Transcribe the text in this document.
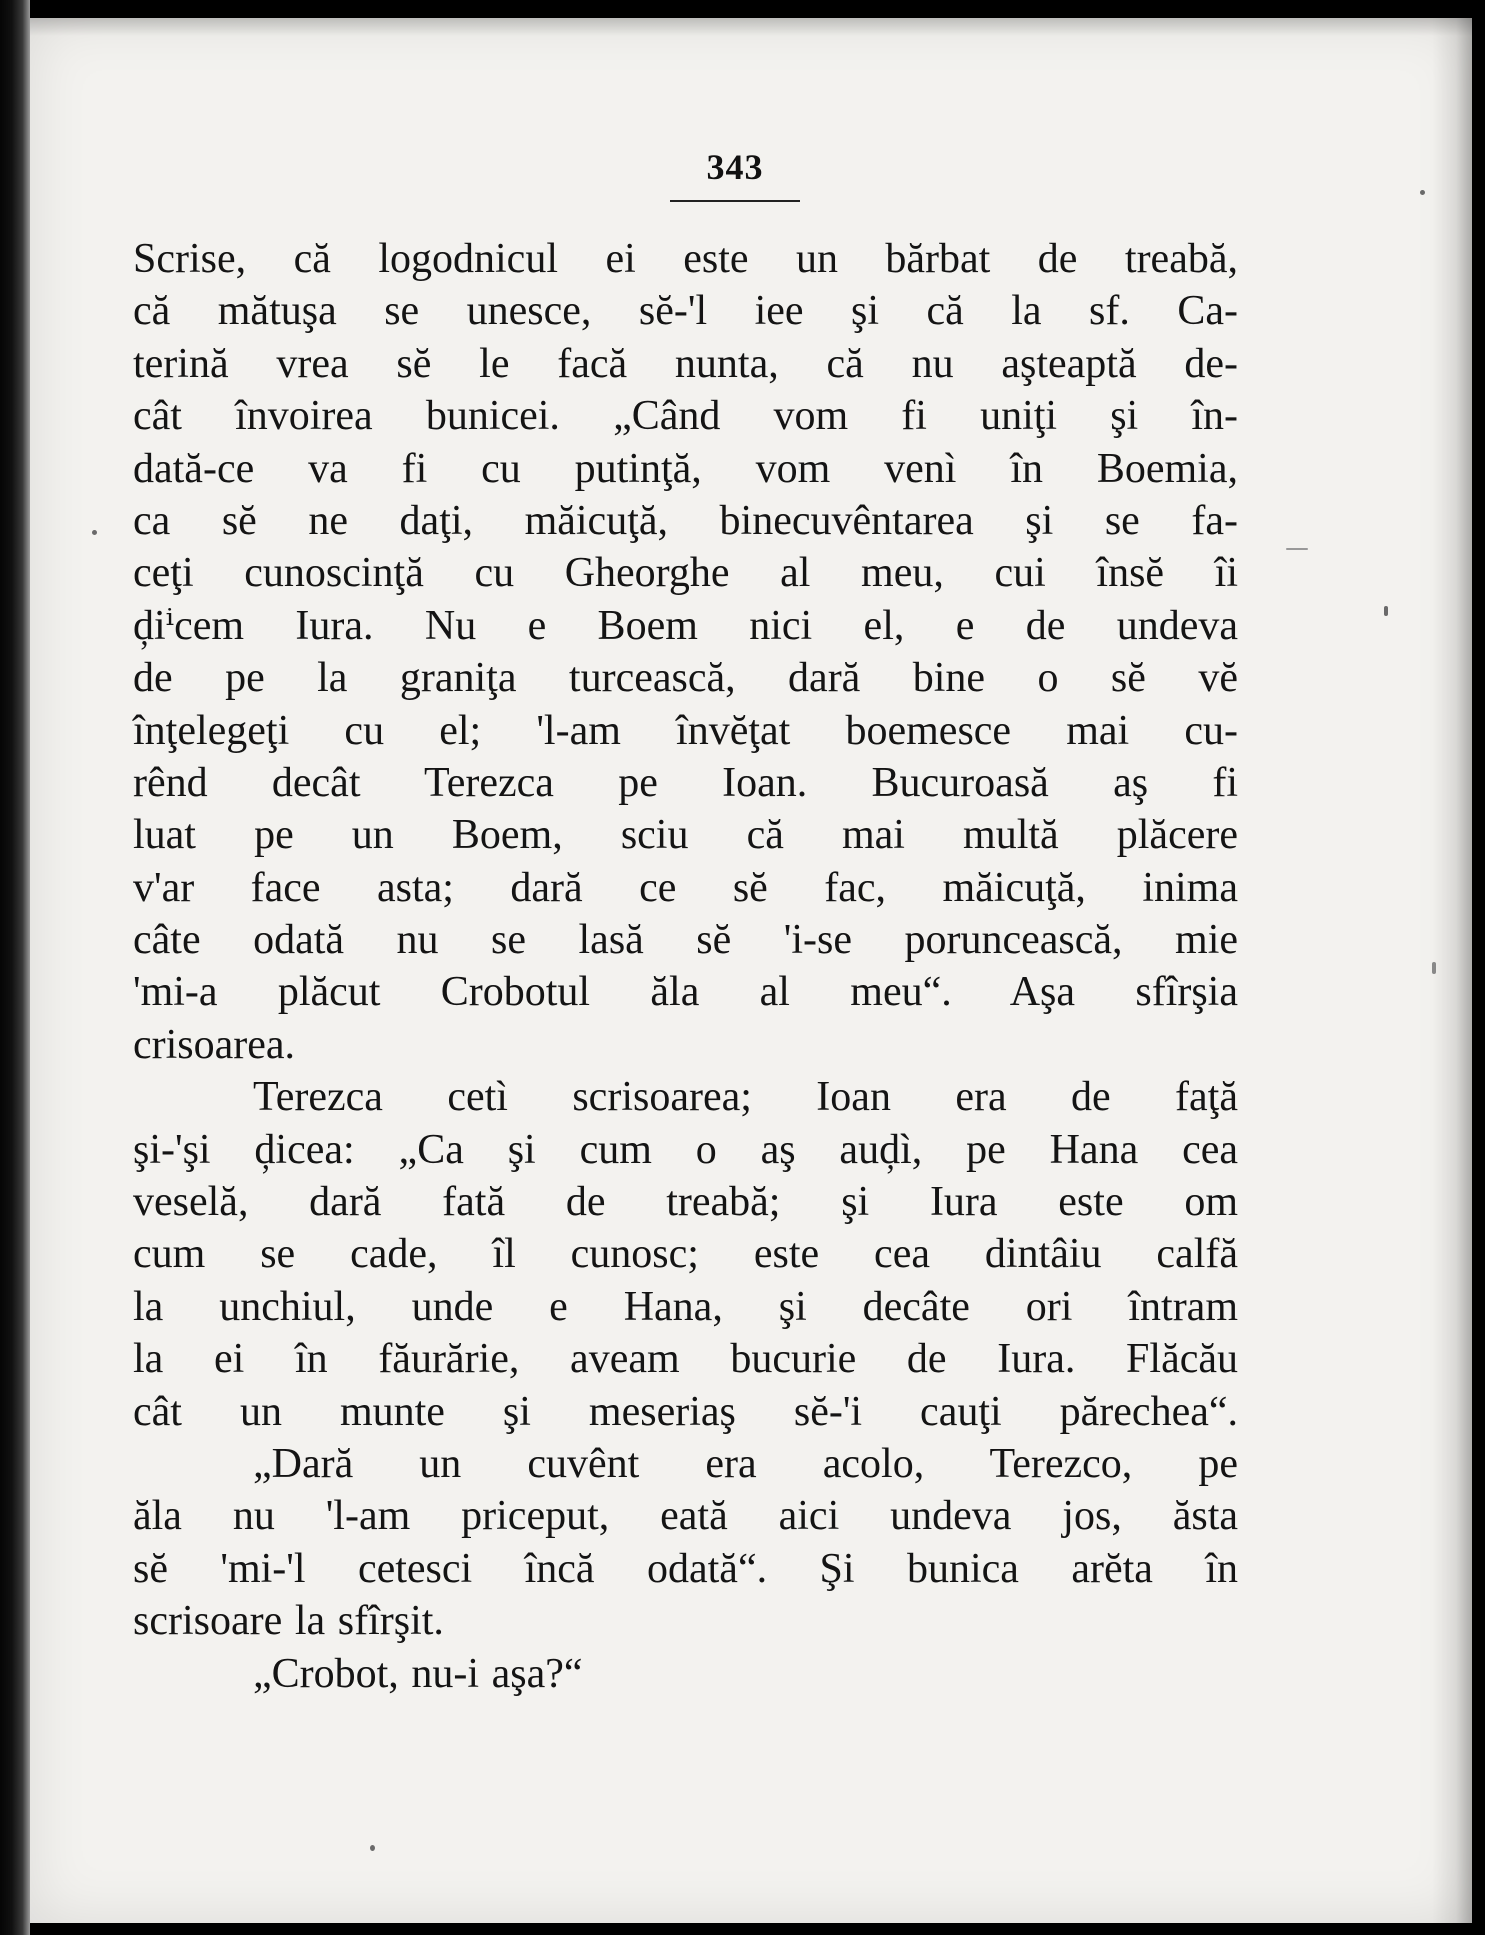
343
Scrise, că logodnicul ei este un bărbat de treabă,
că mătuşa se unesce, sĕ-'l iee şi că la sf. Ca-
terină vrea sĕ le facă nunta, că nu aşteaptă de-
cât învoirea bunicei. „Când vom fi uniţi şi în-
dată-ce va fi cu putinţă, vom venì în Boemia,
ca sĕ ne daţi, măicuţă, binecuvêntarea şi se fa-
ceţi cunoscinţă cu Gheorghe al meu, cui însĕ îi
ḑiⁱcem Iura. Nu e Boem nici el, e de undeva
de pe la graniţa turcească, dară bine o sĕ vĕ
înţelegeţi cu el; 'l-am învĕţat boemesce mai cu-
rênd decât Terezca pe Ioan. Bucuroasă aş fi
luat pe un Boem, sciu că mai multă plăcere
v'ar face asta; dară ce sĕ fac, măicuţă, inima
câte odată nu se lasă sĕ 'i-se poruncească, mie
'mi-a plăcut Crobotul ăla al meu“. Aşa sfîrşia
crisoarea.
Terezca cetì scrisoarea; Ioan era de faţă
şi-'şi ḑicea: „Ca şi cum o aş auḑì, pe Hana cea
veselă, dară fată de treabă; şi Iura este om
cum se cade, îl cunosc; este cea dintâiu calfă
la unchiul, unde e Hana, şi decâte ori întram
la ei în făurărie, aveam bucurie de Iura. Flăcău
cât un munte şi meseriaş sĕ-'i cauţi părechea“.
„Dară un cuvênt era acolo, Terezco, pe
ăla nu 'l-am priceput, eată aici undeva jos, ăsta
sĕ 'mi-'l cetesci încă odată“. Şi bunica arĕta în
scrisoare la sfîrşit.
„Crobot, nu-i aşa?“
